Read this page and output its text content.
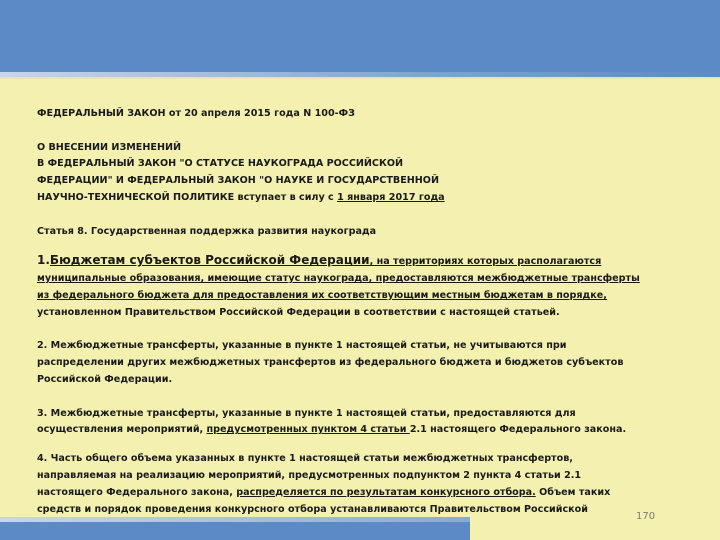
ФЕДЕРАЛЬНЫЙ ЗАКОН от 20 апреля 2015 года N 100-ФЗ

О ВНЕСЕНИИ ИЗМЕНЕНИЙ

В ФЕДЕРАЛЬНЫЙ ЗАКОН "О СТАТУСЕ НАУКОГРАДА РОССИЙСКОЙ

ФЕДЕРАЦИИ" И ФЕДЕРАЛЬНЫЙ ЗАКОН "О НАУКЕ И ГОСУДАРСТВЕННОЙ

НАУЧНО-ТЕХНИЧЕСКОЙ ПОЛИТИКЕ вступает в силу с 1 января 2017 года

Статья 8. Государственная поддержка развития наукограда

1.Бюджетам субъектов Российской Федерации, на территориях которых располагаются

муниципальные образования, имеющие статус наукограда, предоставляются межбюджетные трансферты

из федерального бюджета для предоставления их соответствующим местным бюджетам в порядке,

установленном Правительством Российской Федерации в соответствии с настоящей статьей.

2. Межбюджетные трансферты, указанные в пункте 1 настоящей статьи, не учитываются при

распределении других межбюджетных трансфертов из федерального бюджета и бюджетов субъектов

Российской Федерации.

3. Межбюджетные трансферты, указанные в пункте 1 настоящей статьи, предоставляются для

осуществления мероприятий, предусмотренных пунктом 4 статьи 2.1 настоящего Федерального закона.

4. Часть общего объема указанных в пункте 1 настоящей статьи межбюджетных трансфертов,

направляемая на реализацию мероприятий, предусмотренных подпунктом 2 пункта 4 статьи 2.1

настоящего Федерального закона, распределяется по результатам конкурсного отбора. Объем таких

средств и порядок проведения конкурсного отбора устанавливаются Правительством Российской

170
